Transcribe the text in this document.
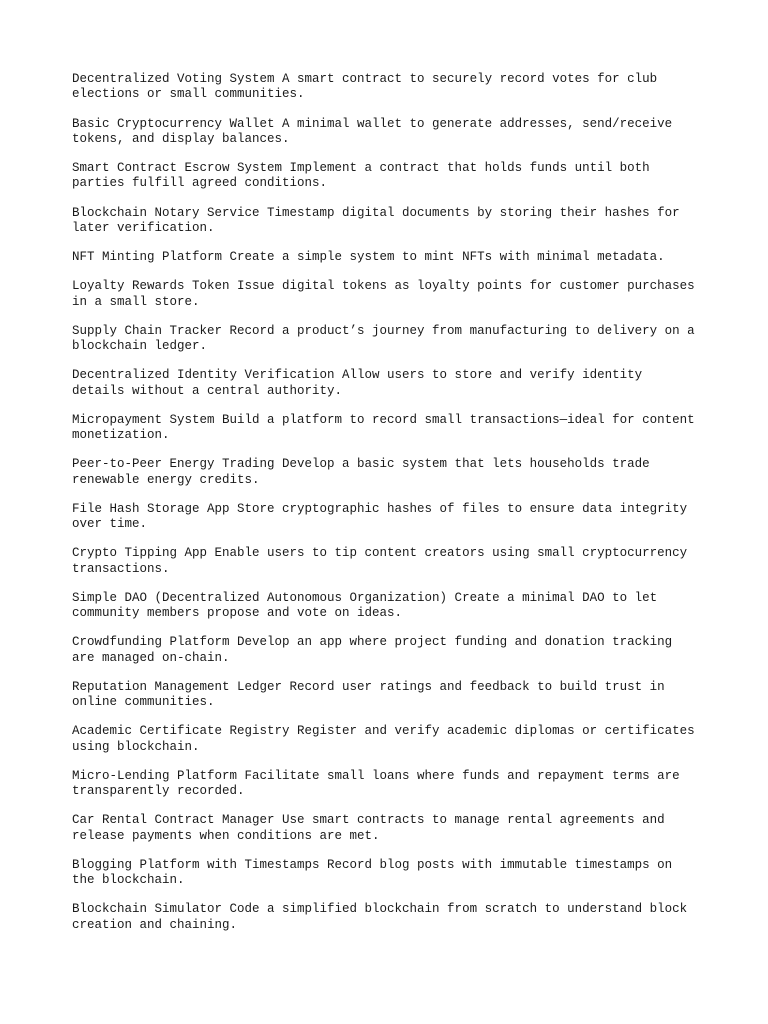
Decentralized Voting System A smart contract to securely record votes for club elections or small communities.

Basic Cryptocurrency Wallet A minimal wallet to generate addresses, send/receive tokens, and display balances.

Smart Contract Escrow System Implement a contract that holds funds until both parties fulfill agreed conditions.

Blockchain Notary Service Timestamp digital documents by storing their hashes for later verification.

NFT Minting Platform Create a simple system to mint NFTs with minimal metadata.

Loyalty Rewards Token Issue digital tokens as loyalty points for customer purchases in a small store.

Supply Chain Tracker Record a product’s journey from manufacturing to delivery on a blockchain ledger.

Decentralized Identity Verification Allow users to store and verify identity details without a central authority.

Micropayment System Build a platform to record small transactions—ideal for content monetization.

Peer-to-Peer Energy Trading Develop a basic system that lets households trade renewable energy credits.

File Hash Storage App Store cryptographic hashes of files to ensure data integrity over time.

Crypto Tipping App Enable users to tip content creators using small cryptocurrency transactions.

Simple DAO (Decentralized Autonomous Organization) Create a minimal DAO to let community members propose and vote on ideas.

Crowdfunding Platform Develop an app where project funding and donation tracking are managed on-chain.

Reputation Management Ledger Record user ratings and feedback to build trust in online communities.

Academic Certificate Registry Register and verify academic diplomas or certificates using blockchain.

Micro-Lending Platform Facilitate small loans where funds and repayment terms are transparently recorded.

Car Rental Contract Manager Use smart contracts to manage rental agreements and release payments when conditions are met.

Blogging Platform with Timestamps Record blog posts with immutable timestamps on the blockchain.

Blockchain Simulator Code a simplified blockchain from scratch to understand block creation and chaining.
